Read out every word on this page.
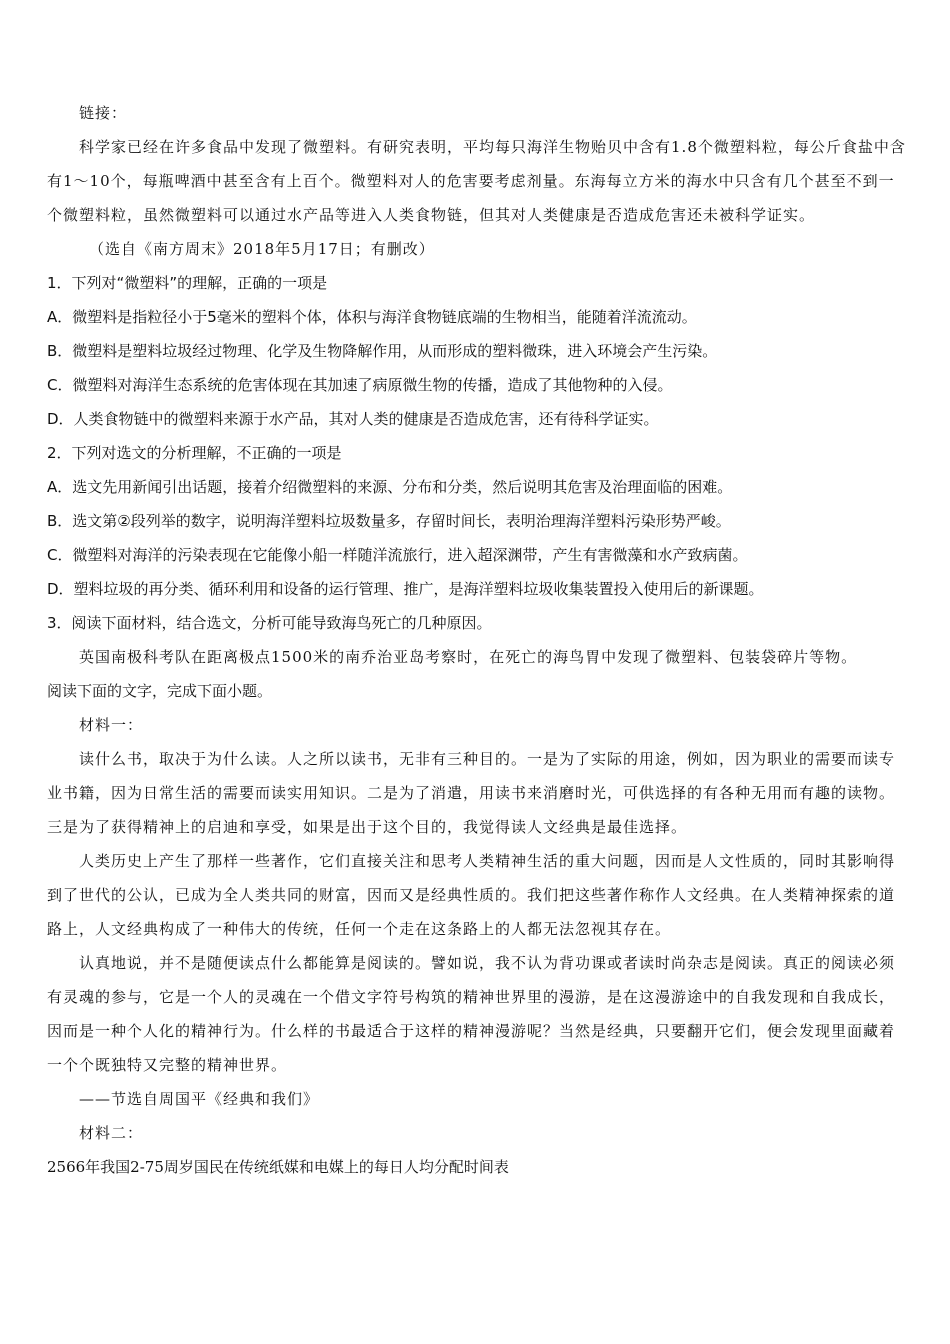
链接：

科学家已经在许多食品中发现了微塑料。有研究表明，平均每只海洋生物贻贝中含有1.8个微塑料粒，每公斤食盐中含有1～10个，每瓶啤酒中甚至含有上百个。微塑料对人的危害要考虑剂量。东海每立方米的海水中只含有几个甚至不到一个微塑料粒，虽然微塑料可以通过水产品等进入人类食物链，但其对人类健康是否造成危害还未被科学证实。

（选自《南方周末》2018年5月17日；有删改）

1．下列对“微塑料”的理解，正确的一项是

A．微塑料是指粒径小于5毫米的塑料个体，体积与海洋食物链底端的生物相当，能随着洋流流动。

B．微塑料是塑料垃圾经过物理、化学及生物降解作用，从而形成的塑料微珠，进入环境会产生污染。

C．微塑料对海洋生态系统的危害体现在其加速了病原微生物的传播，造成了其他物种的入侵。

D．人类食物链中的微塑料来源于水产品，其对人类的健康是否造成危害，还有待科学证实。

2．下列对选文的分析理解，不正确的一项是

A．选文先用新闻引出话题，接着介绍微塑料的来源、分布和分类，然后说明其危害及治理面临的困难。

B．选文第②段列举的数字，说明海洋塑料垃圾数量多，存留时间长，表明治理海洋塑料污染形势严峻。

C．微塑料对海洋的污染表现在它能像小船一样随洋流旅行，进入超深渊带，产生有害微藻和水产致病菌。

D．塑料垃圾的再分类、循环利用和设备的运行管理、推广，是海洋塑料垃圾收集装置投入使用后的新课题。

3．阅读下面材料，结合选文，分析可能导致海鸟死亡的几种原因。

英国南极科考队在距离极点1500米的南乔治亚岛考察时，在死亡的海鸟胃中发现了微塑料、包装袋碎片等物。

阅读下面的文字，完成下面小题。

材料一：

读什么书，取决于为什么读。人之所以读书，无非有三种目的。一是为了实际的用途，例如，因为职业的需要而读专业书籍，因为日常生活的需要而读实用知识。二是为了消遣，用读书来消磨时光，可供选择的有各种无用而有趣的读物。三是为了获得精神上的启迪和享受，如果是出于这个目的，我觉得读人文经典是最佳选择。

人类历史上产生了那样一些著作，它们直接关注和思考人类精神生活的重大问题，因而是人文性质的，同时其影响得到了世代的公认，已成为全人类共同的财富，因而又是经典性质的。我们把这些著作称作人文经典。在人类精神探索的道路上，人文经典构成了一种伟大的传统，任何一个走在这条路上的人都无法忽视其存在。

认真地说，并不是随便读点什么都能算是阅读的。譬如说，我不认为背功课或者读时尚杂志是阅读。真正的阅读必须有灵魂的参与，它是一个人的灵魂在一个借文字符号构筑的精神世界里的漫游，是在这漫游途中的自我发现和自我成长，因而是一种个人化的精神行为。什么样的书最适合于这样的精神漫游呢？当然是经典，只要翻开它们，便会发现里面藏着一个个既独特又完整的精神世界。

——节选自周国平《经典和我们》

材料二：

2566年我国2-75周岁国民在传统纸媒和电媒上的每日人均分配时间表
